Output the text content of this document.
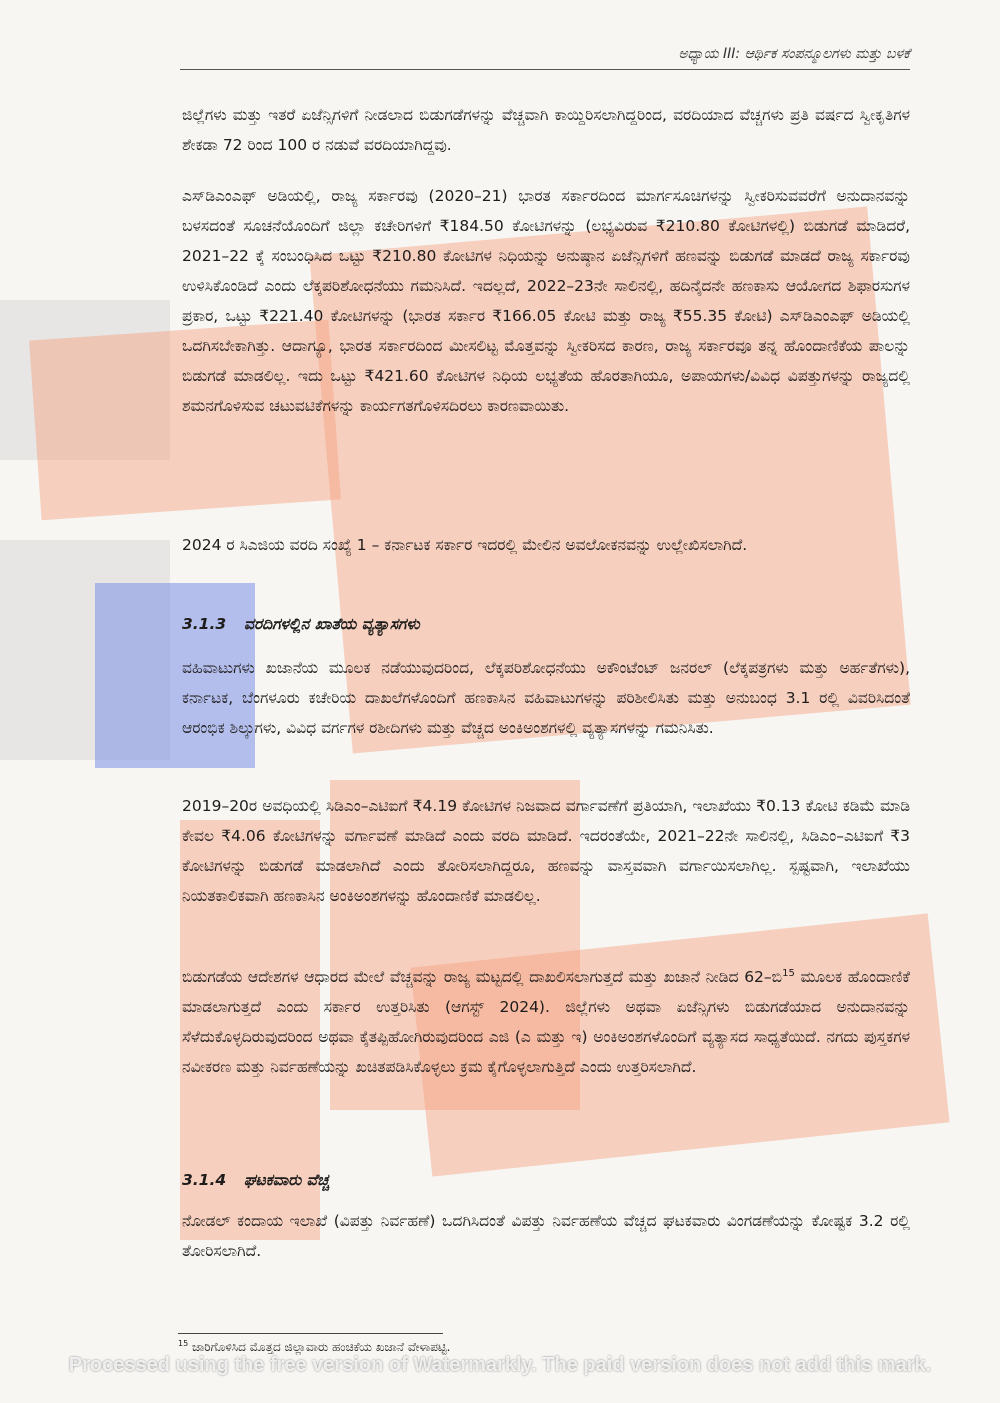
ಅಧ್ಯಾಯ III: ಆರ್ಥಿಕ ಸಂಪನ್ಮೂಲಗಳು ಮತ್ತು ಬಳಕೆ

ಜಿಲ್ಲೆಗಳು ಮತ್ತು ಇತರೆ ಏಜೆನ್ಸಿಗಳಿಗೆ ನೀಡಲಾದ ಬಿಡುಗಡೆಗಳನ್ನು ವೆಚ್ಚವಾಗಿ ಕಾಯ್ದಿರಿಸಲಾಗಿದ್ದರಿಂದ, ವರದಿಯಾದ ವೆಚ್ಚಗಳು ಪ್ರತಿ ವರ್ಷದ ಸ್ವೀಕೃತಿಗಳ ಶೇಕಡಾ 72 ರಿಂದ 100 ರ ನಡುವೆ ವರದಿಯಾಗಿದ್ದವು.

ಎಸ್‌ಡಿಎಂಎಫ್ ಅಡಿಯಲ್ಲಿ, ರಾಜ್ಯ ಸರ್ಕಾರವು (2020–21) ಭಾರತ ಸರ್ಕಾರದಿಂದ ಮಾರ್ಗಸೂಚಿಗಳನ್ನು ಸ್ವೀಕರಿಸುವವರೆಗೆ ಅನುದಾನವನ್ನು ಬಳಸದಂತೆ ಸೂಚನೆಯೊಂದಿಗೆ ಜಿಲ್ಲಾ ಕಚೇರಿಗಳಿಗೆ ₹184.50 ಕೋಟಿಗಳನ್ನು (ಲಭ್ಯವಿರುವ ₹210.80 ಕೋಟಿಗಳಲ್ಲಿ) ಬಿಡುಗಡೆ ಮಾಡಿದರೆ, 2021–22 ಕ್ಕೆ ಸಂಬಂಧಿಸಿದ ಒಟ್ಟು ₹210.80 ಕೋಟಿಗಳ ನಿಧಿಯನ್ನು ಅನುಷ್ಠಾನ ಏಜೆನ್ಸಿಗಳಿಗೆ ಹಣವನ್ನು ಬಿಡುಗಡೆ ಮಾಡದೆ ರಾಜ್ಯ ಸರ್ಕಾರವು ಉಳಿಸಿಕೊಂಡಿದೆ ಎಂದು ಲೆಕ್ಕಪರಿಶೋಧನೆಯು ಗಮನಿಸಿದೆ. ಇದಲ್ಲದೆ, 2022–23ನೇ ಸಾಲಿನಲ್ಲಿ, ಹದಿನೈದನೇ ಹಣಕಾಸು ಆಯೋಗದ ಶಿಫಾರಸುಗಳ ಪ್ರಕಾರ, ಒಟ್ಟು ₹221.40 ಕೋಟಿಗಳನ್ನು (ಭಾರತ ಸರ್ಕಾರ ₹166.05 ಕೋಟಿ ಮತ್ತು ರಾಜ್ಯ ₹55.35 ಕೋಟಿ) ಎಸ್‌ಡಿಎಂಎಫ್ ಅಡಿಯಲ್ಲಿ ಒದಗಿಸಬೇಕಾಗಿತ್ತು. ಆದಾಗ್ಯೂ, ಭಾರತ ಸರ್ಕಾರದಿಂದ ಮೀಸಲಿಟ್ಟ ಮೊತ್ತವನ್ನು ಸ್ವೀಕರಿಸದ ಕಾರಣ, ರಾಜ್ಯ ಸರ್ಕಾರವೂ ತನ್ನ ಹೊಂದಾಣಿಕೆಯ ಪಾಲನ್ನು ಬಿಡುಗಡೆ ಮಾಡಲಿಲ್ಲ. ಇದು ಒಟ್ಟು ₹421.60 ಕೋಟಿಗಳ ನಿಧಿಯ ಲಭ್ಯತೆಯ ಹೊರತಾಗಿಯೂ, ಅಪಾಯಗಳು/ವಿವಿಧ ವಿಪತ್ತುಗಳನ್ನು ರಾಜ್ಯದಲ್ಲಿ ಶಮನಗೊಳಿಸುವ ಚಟುವಟಿಕೆಗಳನ್ನು ಕಾರ್ಯಗತಗೊಳಿಸದಿರಲು ಕಾರಣವಾಯಿತು.

2024 ರ ಸಿಎಜಿಯ ವರದಿ ಸಂಖ್ಯೆ 1 – ಕರ್ನಾಟಕ ಸರ್ಕಾರ ಇದರಲ್ಲಿ ಮೇಲಿನ ಅವಲೋಕನವನ್ನು ಉಲ್ಲೇಖಿಸಲಾಗಿದೆ.

3.1.3 ವರದಿಗಳಲ್ಲಿನ ಖಾತೆಯ ವ್ಯತ್ಯಾಸಗಳು

ವಹಿವಾಟುಗಳು ಖಜಾನೆಯ ಮೂಲಕ ನಡೆಯುವುದರಿಂದ, ಲೆಕ್ಕಪರಿಶೋಧನೆಯು ಅಕೌಂಟೆಂಟ್ ಜನರಲ್ (ಲೆಕ್ಕಪತ್ರಗಳು ಮತ್ತು ಅರ್ಹತೆಗಳು), ಕರ್ನಾಟಕ, ಬೆಂಗಳೂರು ಕಚೇರಿಯ ದಾಖಲೆಗಳೊಂದಿಗೆ ಹಣಕಾಸಿನ ವಹಿವಾಟುಗಳನ್ನು ಪರಿಶೀಲಿಸಿತು ಮತ್ತು ಅನುಬಂಧ 3.1 ರಲ್ಲಿ ವಿವರಿಸಿದಂತೆ ಆರಂಭಿಕ ಶಿಲ್ಕುಗಳು, ವಿವಿಧ ವರ್ಗಗಳ ರಶೀದಿಗಳು ಮತ್ತು ವೆಚ್ಚದ ಅಂಕಿಅಂಶಗಳಲ್ಲಿ ವ್ಯತ್ಯಾಸಗಳನ್ನು ಗಮನಿಸಿತು.

2019–20ರ ಅವಧಿಯಲ್ಲಿ ಸಿಡಿಎಂ–ಎಟಿಐಗೆ ₹4.19 ಕೋಟಿಗಳ ನಿಜವಾದ ವರ್ಗಾವಣೆಗೆ ಪ್ರತಿಯಾಗಿ, ಇಲಾಖೆಯು ₹0.13 ಕೋಟಿ ಕಡಿಮೆ ಮಾಡಿ ಕೇವಲ ₹4.06 ಕೋಟಿಗಳನ್ನು ವರ್ಗಾವಣೆ ಮಾಡಿದೆ ಎಂದು ವರದಿ ಮಾಡಿದೆ. ಇದರಂತೆಯೇ, 2021–22ನೇ ಸಾಲಿನಲ್ಲಿ, ಸಿಡಿಎಂ–ಎಟಿಐಗೆ ₹3 ಕೋಟಿಗಳನ್ನು ಬಿಡುಗಡೆ ಮಾಡಲಾಗಿದೆ ಎಂದು ತೋರಿಸಲಾಗಿದ್ದರೂ, ಹಣವನ್ನು ವಾಸ್ತವವಾಗಿ ವರ್ಗಾಯಿಸಲಾಗಿಲ್ಲ. ಸ್ಪಷ್ಟವಾಗಿ, ಇಲಾಖೆಯು ನಿಯತಕಾಲಿಕವಾಗಿ ಹಣಕಾಸಿನ ಅಂಕಿಅಂಶಗಳನ್ನು ಹೊಂದಾಣಿಕೆ ಮಾಡಲಿಲ್ಲ.

ಬಿಡುಗಡೆಯ ಆದೇಶಗಳ ಆಧಾರದ ಮೇಲೆ ವೆಚ್ಚವನ್ನು ರಾಜ್ಯ ಮಟ್ಟದಲ್ಲಿ ದಾಖಲಿಸಲಾಗುತ್ತದೆ ಮತ್ತು ಖಜಾನೆ ನೀಡಿದ 62–ಬಿ$^{15}$ ಮೂಲಕ ಹೊಂದಾಣಿಕೆ ಮಾಡಲಾಗುತ್ತದೆ ಎಂದು ಸರ್ಕಾರ ಉತ್ತರಿಸಿತು (ಆಗಸ್ಟ್ 2024). ಜಿಲ್ಲೆಗಳು ಅಥವಾ ಏಜೆನ್ಸಿಗಳು ಬಿಡುಗಡೆಯಾದ ಅನುದಾನವನ್ನು ಸೆಳೆದುಕೊಳ್ಳದಿರುವುದರಿಂದ ಅಥವಾ ಕೈತಪ್ಪಿಹೋಗಿರುವುದರಿಂದ ಎಜಿ (ಎ ಮತ್ತು ಇ) ಅಂಕಿಅಂಶಗಳೊಂದಿಗೆ ವ್ಯತ್ಯಾಸದ ಸಾಧ್ಯತೆಯಿದೆ. ನಗದು ಪುಸ್ತಕಗಳ ನವೀಕರಣ ಮತ್ತು ನಿರ್ವಹಣೆಯನ್ನು ಖಚಿತಪಡಿಸಿಕೊಳ್ಳಲು ಕ್ರಮ ಕೈಗೊಳ್ಳಲಾಗುತ್ತಿದೆ ಎಂದು ಉತ್ತರಿಸಲಾಗಿದೆ.

3.1.4 ಘಟಕವಾರು ವೆಚ್ಚ

ನೋಡಲ್ ಕಂದಾಯ ಇಲಾಖೆ (ವಿಪತ್ತು ನಿರ್ವಹಣೆ) ಒದಗಿಸಿದಂತೆ ವಿಪತ್ತು ನಿರ್ವಹಣೆಯ ವೆಚ್ಚದ ಘಟಕವಾರು ವಿಂಗಡಣೆಯನ್ನು ಕೋಷ್ಟಕ 3.2 ರಲ್ಲಿ ತೋರಿಸಲಾಗಿದೆ.

$^{15}$ ಜಾರಿಗೊಳಿಸಿದ ಮೊತ್ತದ ಜಿಲ್ಲಾವಾರು ಹಂಚಿಕೆಯ ಖಜಾನೆ ವೇಳಾಪಟ್ಟಿ.
Processed using the free version of Watermarkly. The paid version does not add this mark.
